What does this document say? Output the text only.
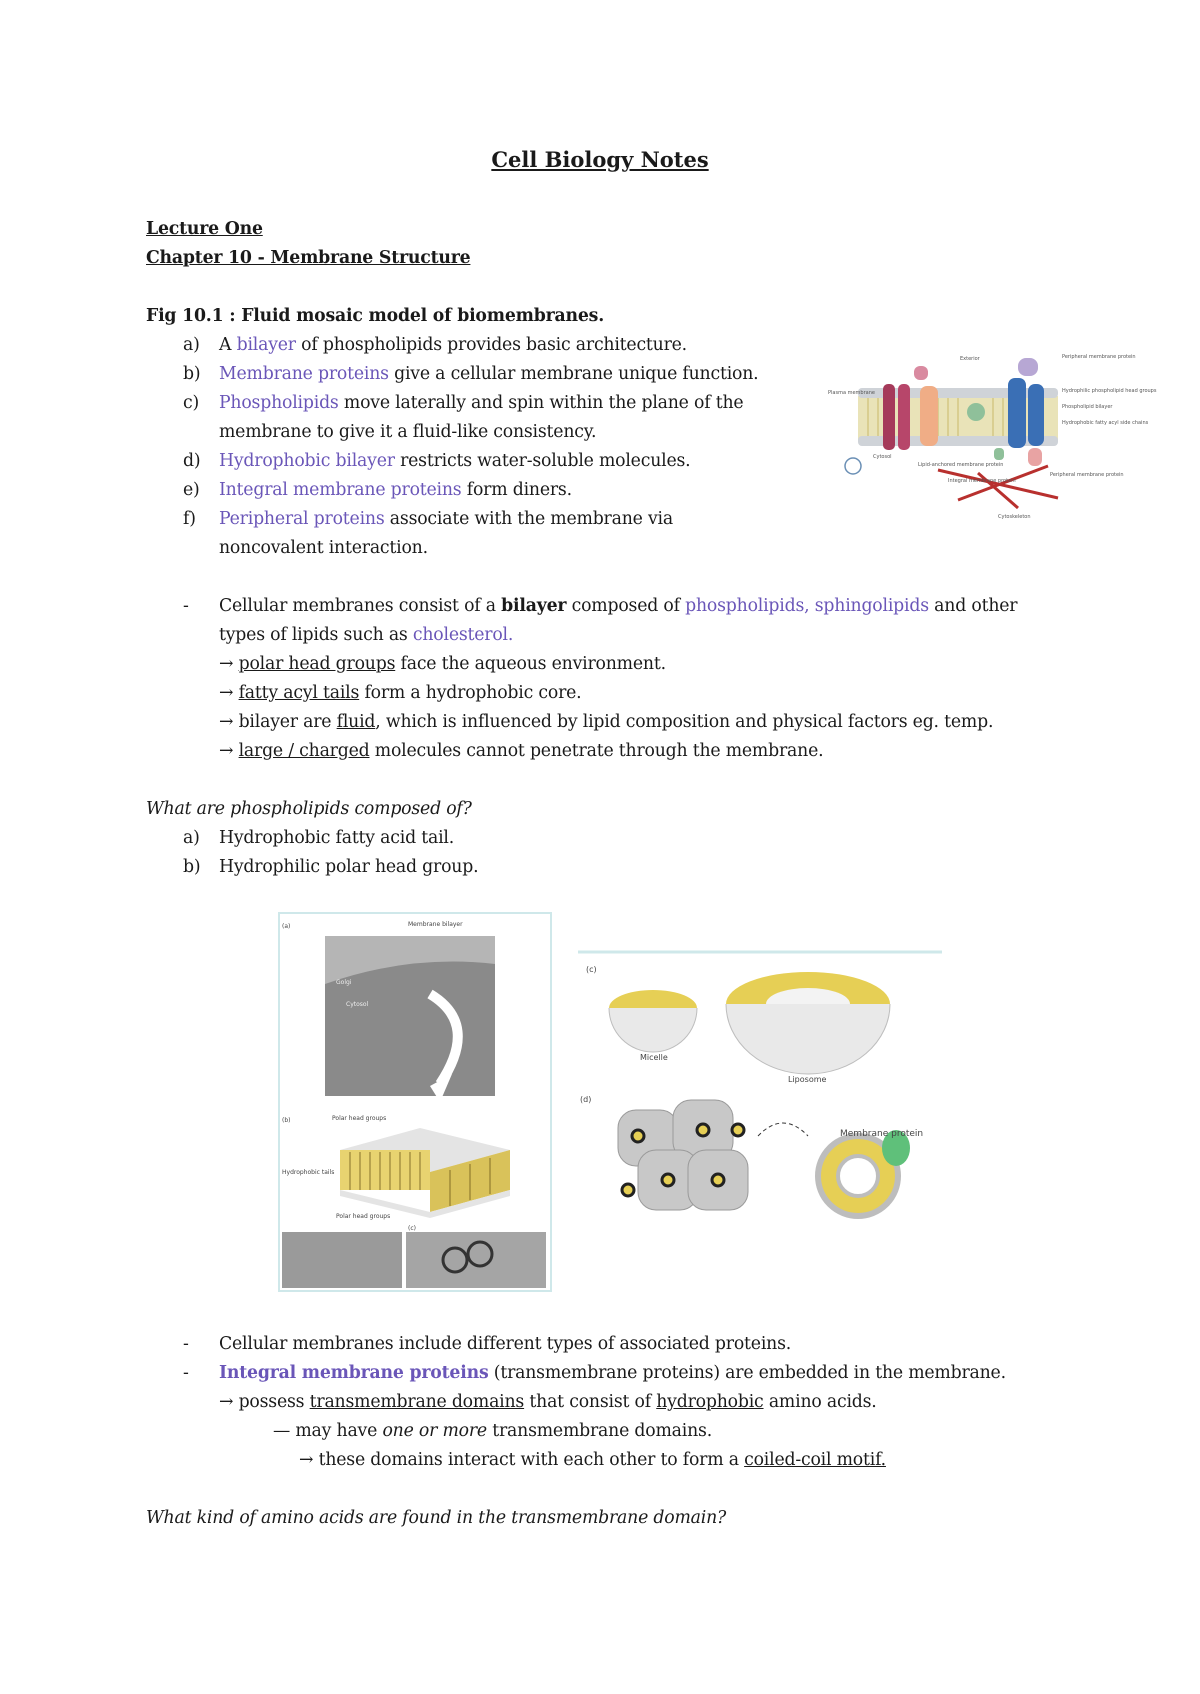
Cell Biology Notes
Lecture One
Chapter 10 - Membrane Structure
Fig 10.1 : Fluid mosaic model of biomembranes.
a) A bilayer of phospholipids provides basic architecture.
b) Membrane proteins give a cellular membrane unique function.
c) Phospholipids move laterally and spin within the plane of the
membrane to give it a fluid-like consistency.
d) Hydrophobic bilayer restricts water-soluble molecules.
e) Integral membrane proteins form diners.
f) Peripheral proteins associate with the membrane via
noncovalent interaction.
Exterior	Peripheral membrane protein
Plasma membrane	Hydrophilic phospholipid head groups
Phospholipid bilayer
Hydrophobic fatty acyl side chains
Cytosol
Lipid-anchored membrane protein
Integral membrane protein
Peripheral membrane protein
Cytoskeleton
- Cellular membranes consist of a bilayer composed of phospholipids, sphingolipids and other
types of lipids such as cholesterol.
→ polar head groups face the aqueous environment.
→ fatty acyl tails form a hydrophobic core.
→ bilayer are fluid, which is influenced by lipid composition and physical factors eg. temp.
→ large / charged molecules cannot penetrate through the membrane.
What are phospholipids composed of?
a) Hydrophobic fatty acid tail.
b) Hydrophilic polar head group.
(a)	Membrane bilayer
Golgi
Cytosol
(b)	Polar head groups
Hydrophobic tails
Polar head groups
(c)
(c)
Micelle
Liposome
(d)
Membrane protein
- Cellular membranes include different types of associated proteins.
- Integral membrane proteins (transmembrane proteins) are embedded in the membrane.
→ possess transmembrane domains that consist of hydrophobic amino acids.
— may have one or more transmembrane domains.
→ these domains interact with each other to form a coiled-coil motif.
What kind of amino acids are found in the transmembrane domain?
